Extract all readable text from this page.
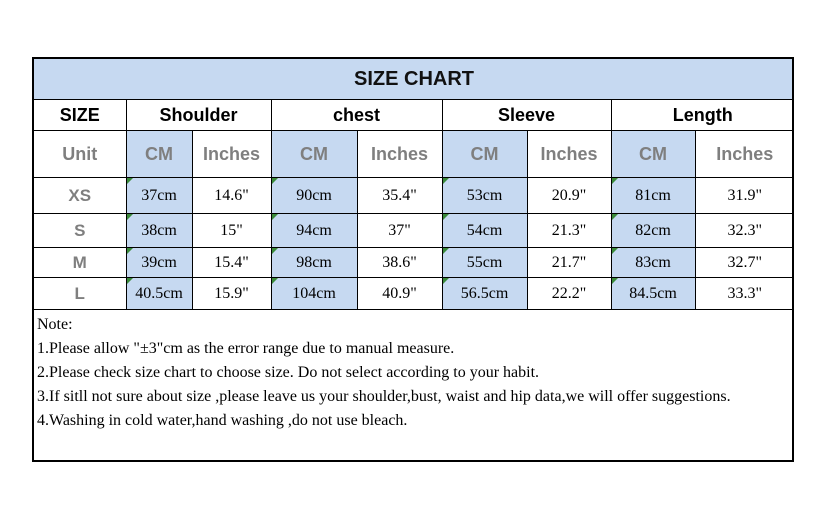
SIZE CHART								
SIZE	Shoulder		chest		Sleeve		Length	
Unit	CM	Inches	CM	Inches	CM	Inches	CM	Inches
XS	37cm	14.6"	90cm	35.4"	53cm	20.9"	81cm	31.9"
S	38cm	15"	94cm	37"	54cm	21.3"	82cm	32.3"
M	39cm	15.4"	98cm	38.6"	55cm	21.7"	83cm	32.7"
L	40.5cm	15.9"	104cm	40.9"	56.5cm	22.2"	84.5cm	33.3"
Note:
1.Please allow "±3"cm as the error range due to manual measure.
2.Please check size chart to choose size. Do not select according to your habit.
3.If sitll not sure about size ,please leave us your shoulder,bust, waist and hip data,we will offer suggestions.
4.Washing in cold water,hand washing ,do not use bleach.
